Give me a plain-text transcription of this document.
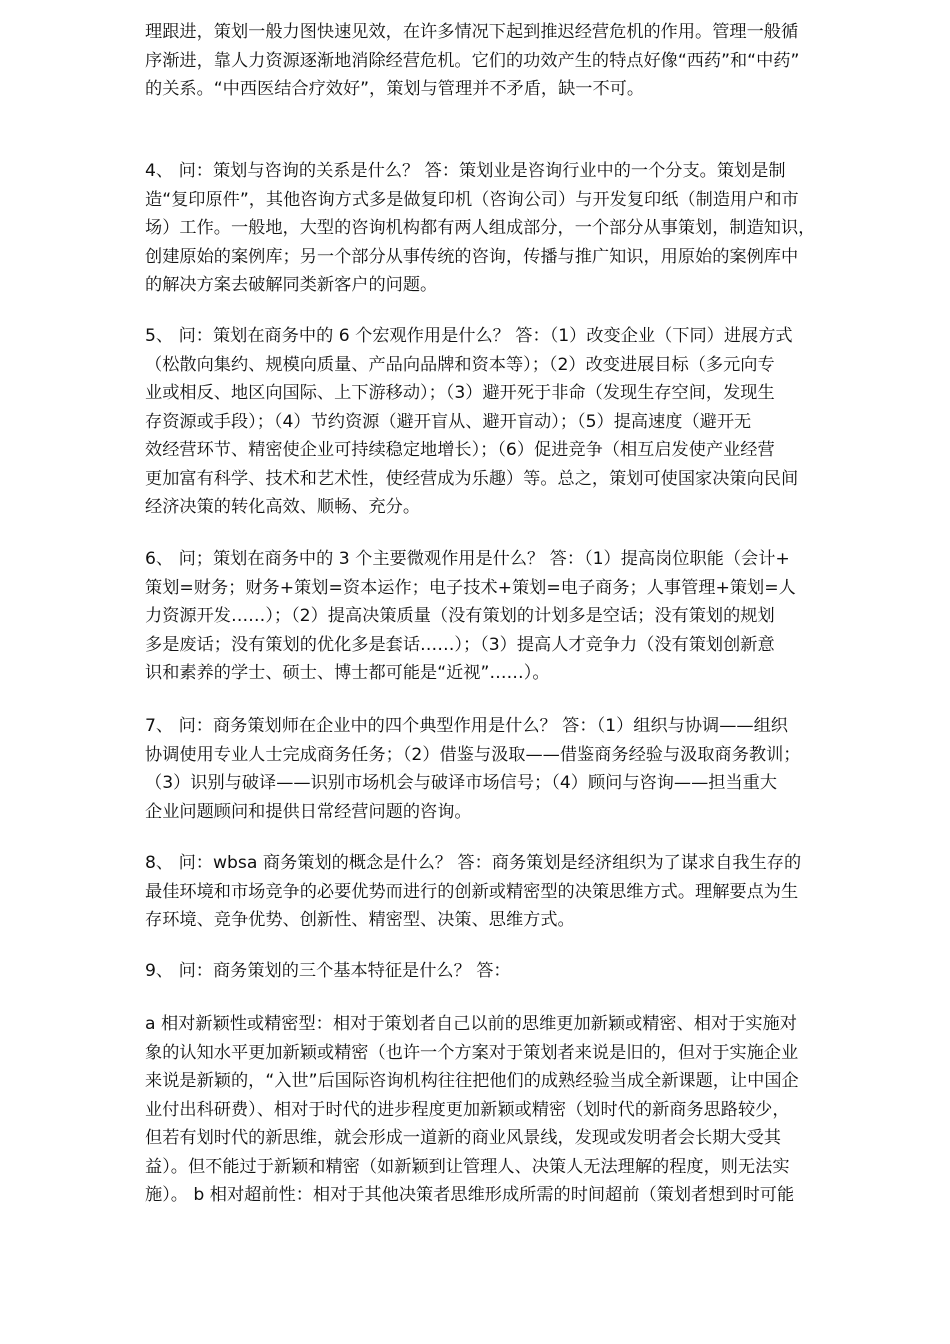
理跟进，策划一般力图快速见效，在许多情况下起到推迟经营危机的作用。管理一般循
序渐进，靠人力资源逐渐地消除经营危机。它们的功效产生的特点好像“西药”和“中药”
的关系。“中西医结合疗效好”，策划与管理并不矛盾，缺一不可。
4、 问：策划与咨询的关系是什么？ 答：策划业是咨询行业中的一个分支。策划是制
造“复印原件”，其他咨询方式多是做复印机（咨询公司）与开发复印纸（制造用户和市
场）工作。一般地，大型的咨询机构都有两人组成部分，一个部分从事策划，制造知识，
创建原始的案例库；另一个部分从事传统的咨询，传播与推广知识，用原始的案例库中
的解决方案去破解同类新客户的问题。
5、 问：策划在商务中的 6 个宏观作用是什么？ 答：（1）改变企业（下同）进展方式
（松散向集约、规模向质量、产品向品牌和资本等）；（2）改变进展目标（多元向专
业或相反、地区向国际、上下游移动）；（3）避开死于非命（发现生存空间，发现生
存资源或手段）；（4）节约资源（避开盲从、避开盲动）；（5）提高速度（避开无
效经营环节、精密使企业可持续稳定地增长）；（6）促进竞争（相互启发使产业经营
更加富有科学、技术和艺术性，使经营成为乐趣）等。总之，策划可使国家决策向民间
经济决策的转化高效、顺畅、充分。
6、 问；策划在商务中的 3 个主要微观作用是什么？ 答：（1）提高岗位职能（会计+
策划=财务；财务+策划=资本运作；电子技术+策划=电子商务；人事管理+策划=人
力资源开发……）；（2）提高决策质量（没有策划的计划多是空话；没有策划的规划
多是废话；没有策划的优化多是套话……）；（3）提高人才竞争力（没有策划创新意
识和素养的学士、硕士、博士都可能是“近视”……）。
7、 问：商务策划师在企业中的四个典型作用是什么？ 答：（1）组织与协调——组织
协调使用专业人士完成商务任务；（2）借鉴与汲取——借鉴商务经验与汲取商务教训；
（3）识别与破译——识别市场机会与破译市场信号；（4）顾问与咨询——担当重大
企业问题顾问和提供日常经营问题的咨询。
8、 问：wbsa 商务策划的概念是什么？ 答：商务策划是经济组织为了谋求自我生存的
最佳环境和市场竞争的必要优势而进行的创新或精密型的决策思维方式。理解要点为生
存环境、竞争优势、创新性、精密型、决策、思维方式。
9、 问：商务策划的三个基本特征是什么？ 答：
a 相对新颖性或精密型：相对于策划者自己以前的思维更加新颖或精密、相对于实施对
象的认知水平更加新颖或精密（也许一个方案对于策划者来说是旧的，但对于实施企业
来说是新颖的，“入世”后国际咨询机构往往把他们的成熟经验当成全新课题，让中国企
业付出科研费）、相对于时代的进步程度更加新颖或精密（划时代的新商务思路较少，
但若有划时代的新思维，就会形成一道新的商业风景线，发现或发明者会长期大受其
益）。但不能过于新颖和精密（如新颖到让管理人、决策人无法理解的程度，则无法实
施）。 b 相对超前性：相对于其他决策者思维形成所需的时间超前（策划者想到时可能
